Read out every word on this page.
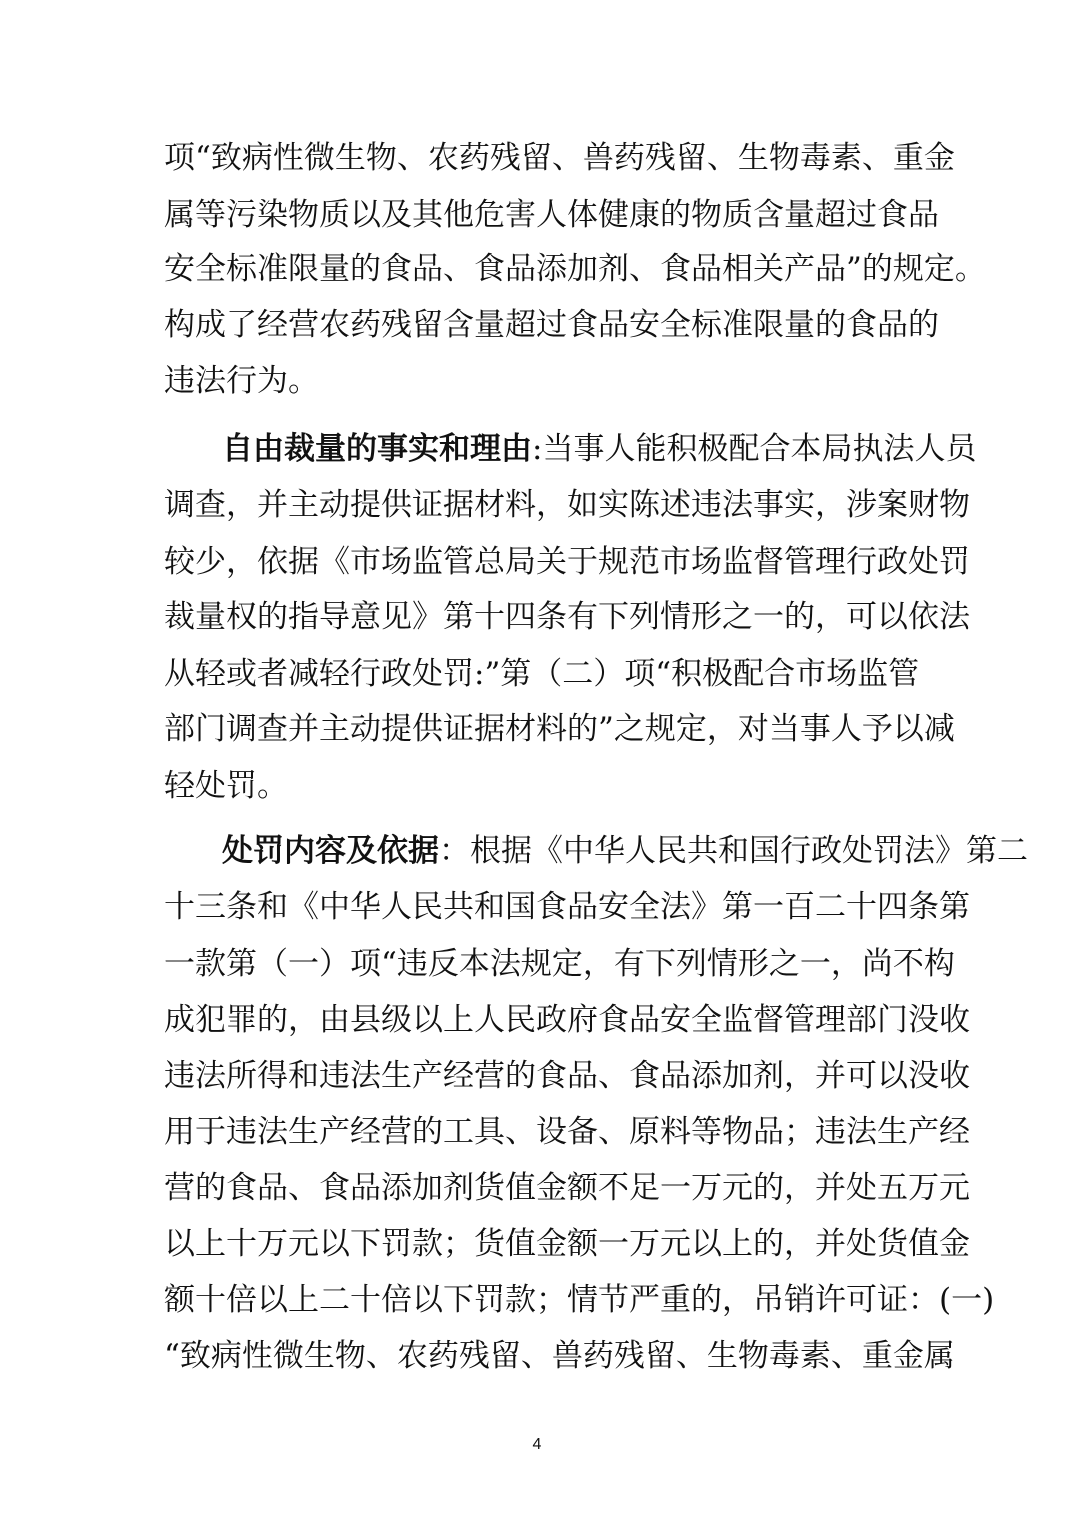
项“致病性微生物、农药残留、兽药残留、生物毒素、重金
属等污染物质以及其他危害人体健康的物质含量超过食品
安全标准限量的食品、食品添加剂、食品相关产品”的规定。
构成了经营农药残留含量超过食品安全标准限量的食品的
违法行为。
自由裁量的事实和理由:当事人能积极配合本局执法人员
调查，并主动提供证据材料，如实陈述违法事实，涉案财物
较少，依据《市场监管总局关于规范市场监督管理行政处罚
裁量权的指导意见》第十四条有下列情形之一的，可以依法
从轻或者减轻行政处罚:”第（二）项“积极配合市场监管
部门调查并主动提供证据材料的”之规定，对当事人予以减
轻处罚。
处罚内容及依据：根据《中华人民共和国行政处罚法》第二
十三条和《中华人民共和国食品安全法》第一百二十四条第
一款第（一）项“违反本法规定，有下列情形之一，尚不构
成犯罪的，由县级以上人民政府食品安全监督管理部门没收
违法所得和违法生产经营的食品、食品添加剂，并可以没收
用于违法生产经营的工具、设备、原料等物品；违法生产经
营的食品、食品添加剂货值金额不足一万元的，并处五万元
以上十万元以下罚款；货值金额一万元以上的，并处货值金
额十倍以上二十倍以下罚款；情节严重的，吊销许可证：(一)
“致病性微生物、农药残留、兽药残留、生物毒素、重金属
4
